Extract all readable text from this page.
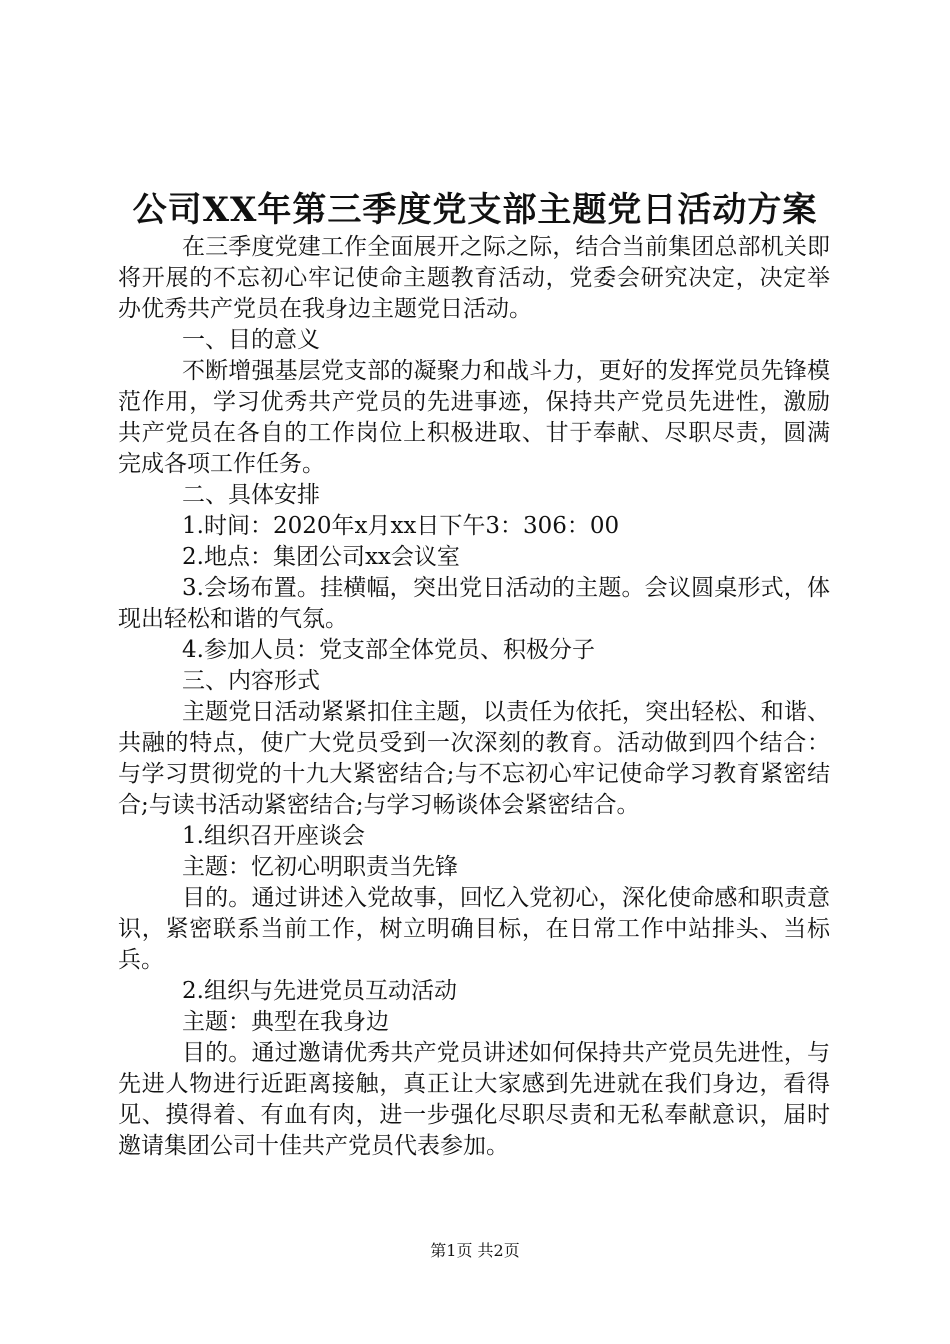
公司XX年第三季度党支部主题党日活动方案

在三季度党建工作全面展开之际之际，结合当前集团总部机关即将开展的不忘初心牢记使命主题教育活动，党委会研究决定，决定举办优秀共产党员在我身边主题党日活动。

一、目的意义

不断增强基层党支部的凝聚力和战斗力，更好的发挥党员先锋模范作用，学习优秀共产党员的先进事迹，保持共产党员先进性，激励共产党员在各自的工作岗位上积极进取、甘于奉献、尽职尽责，圆满完成各项工作任务。

二、具体安排

1.时间：2020年x月xx日下午3：306：00

2.地点：集团公司xx会议室

3.会场布置。挂横幅，突出党日活动的主题。会议圆桌形式，体现出轻松和谐的气氛。

4.参加人员：党支部全体党员、积极分子

三、内容形式

主题党日活动紧紧扣住主题，以责任为依托，突出轻松、和谐、共融的特点，使广大党员受到一次深刻的教育。活动做到四个结合：与学习贯彻党的十九大紧密结合;与不忘初心牢记使命学习教育紧密结合;与读书活动紧密结合;与学习畅谈体会紧密结合。

1.组织召开座谈会

主题：忆初心明职责当先锋

目的。通过讲述入党故事，回忆入党初心，深化使命感和职责意识，紧密联系当前工作，树立明确目标，在日常工作中站排头、当标兵。

2.组织与先进党员互动活动

主题：典型在我身边

目的。通过邀请优秀共产党员讲述如何保持共产党员先进性，与先进人物进行近距离接触，真正让大家感到先进就在我们身边，看得见、摸得着、有血有肉，进一步强化尽职尽责和无私奉献意识，届时邀请集团公司十佳共产党员代表参加。

第1页 共2页
